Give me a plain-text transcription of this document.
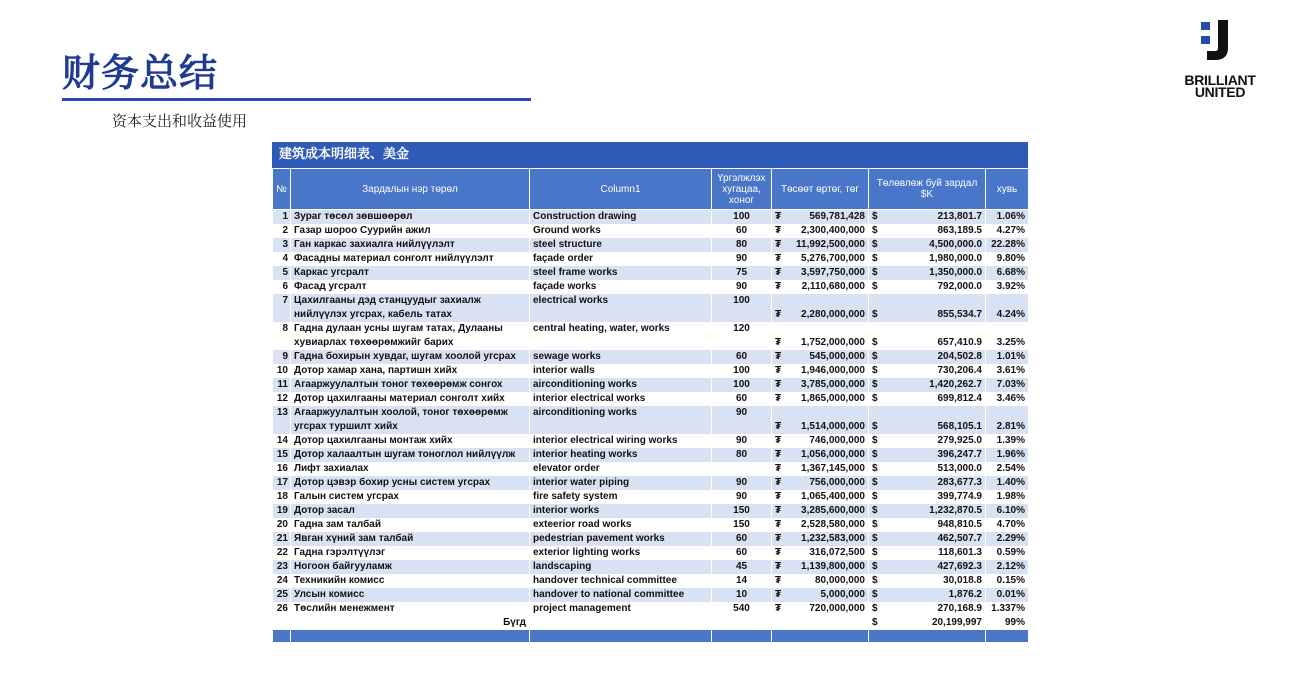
财务总结
资本支出和收益使用
BRILLIANT
UNITED
建筑成本明细表、美金
№	Зардалын нэр төрөл	Column1	Үргэлжлэх хугацаа, хоног	Төсөөт өртөг, төг	Төлөвлөж буй зардал $K	хувь
1	Зураг төсөл зөвшөөрөл	Construction drawing	100	₮ 569,781,428	$ 213,801.7	1.06%
2	Газар шороо Суурийн ажил	Ground works	60	₮ 2,300,400,000	$ 863,189.5	4.27%
3	Ган каркас захиалга нийлүүлэлт	steel structure	80	₮ 11,992,500,000	$ 4,500,000.0	22.28%
4	Фасадны материал сонголт нийлүүлэлт	façade order	90	₮ 5,276,700,000	$ 1,980,000.0	9.80%
5	Каркас угсралт	steel frame works	75	₮ 3,597,750,000	$ 1,350,000.0	6.68%
6	Фасад угсралт	façade works	90	₮ 2,110,680,000	$ 792,000.0	3.92%
7	Цахилгааны дэд станцуудыг захиалж нийлүүлэх угсрах, кабель татах	electrical works	100	₮ 2,280,000,000	$ 855,534.7	4.24%
8	Гадна дулаан усны шугам татах, Дулааны хувиарлах төхөөрөмжийг барих	central heating, water, works	120	₮ 1,752,000,000	$ 657,410.9	3.25%
9	Гадна бохирын хувдаг, шугам хоолой угсрах	sewage works	60	₮ 545,000,000	$ 204,502.8	1.01%
10	Дотор хамар хана, партишн хийх	interior walls	100	₮ 1,946,000,000	$ 730,206.4	3.61%
11	Агааржуулалтын тоног төхөөрөмж сонгох	airconditioning works	100	₮ 3,785,000,000	$ 1,420,262.7	7.03%
12	Дотор цахилгааны материал сонголт хийх	interior electrical works	60	₮ 1,865,000,000	$ 699,812.4	3.46%
13	Агааржуулалтын хоолой, тоног төхөөрөмж угсрах туршилт хийх	airconditioning works	90	₮ 1,514,000,000	$ 568,105.1	2.81%
14	Дотор цахилгааны монтаж хийх	interior electrical wiring works	90	₮ 746,000,000	$ 279,925.0	1.39%
15	Дотор халаалтын шугам тоноглол нийлүүлж	interior heating works	80	₮ 1,056,000,000	$ 396,247.7	1.96%
16	Лифт захиалах	elevator order		₮ 1,367,145,000	$ 513,000.0	2.54%
17	Дотор цэвэр бохир усны систем угсрах	interior water piping	90	₮ 756,000,000	$ 283,677.3	1.40%
18	Галын систем угсрах	fire safety system	90	₮ 1,065,400,000	$ 399,774.9	1.98%
19	Дотор засал	interior works	150	₮ 3,285,600,000	$ 1,232,870.5	6.10%
20	Гадна зам талбай	exteerior road works	150	₮ 2,528,580,000	$ 948,810.5	4.70%
21	Явган хүний зам талбай	pedestrian pavement works	60	₮ 1,232,583,000	$ 462,507.7	2.29%
22	Гадна гэрэлтүүлэг	exterior lighting works	60	₮ 316,072,500	$ 118,601.3	0.59%
23	Ногоон байгууламж	landscaping	45	₮ 1,139,800,000	$ 427,692.3	2.12%
24	Техникийн комисс	handover technical committee	14	₮ 80,000,000	$ 30,018.8	0.15%
25	Улсын комисс	handover to national committee	10	₮ 5,000,000	$ 1,876.2	0.01%
26	Төслийн менежмент	project management	540	₮ 720,000,000	$ 270,168.9	1.337%
	Бүгд				$ 20,199,997	99%
